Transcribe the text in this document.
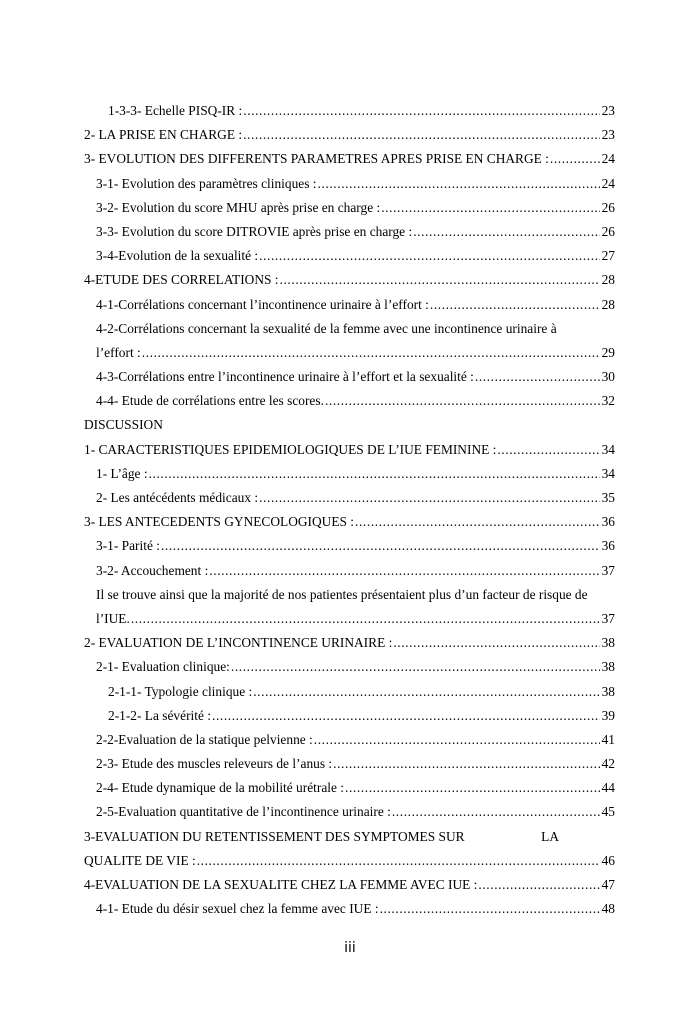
1-3-3- Echelle PISQ-IR : .....	23
2- LA PRISE EN CHARGE : .....	23
3- EVOLUTION DES DIFFERENTS PARAMETRES APRES PRISE EN CHARGE : .....	24
3-1- Evolution des paramètres cliniques : .....	24
3-2- Evolution du score MHU après prise en charge : .....	26
3-3- Evolution du score DITROVIE après prise en charge : .....	26
3-4-Evolution de la sexualité : .....	27
4-ETUDE DES CORRELATIONS : .....	28
4-1-Corrélations concernant l’incontinence urinaire à l’effort : .....	28
4-2-Corrélations concernant la sexualité de la femme avec une incontinence urinaire à
l’effort : .....	29
4-3-Corrélations entre l’incontinence urinaire à l’effort et la sexualité : .....	30
4-4- Etude de corrélations entre les scores. .....	32
DISCUSSION
1- CARACTERISTIQUES EPIDEMIOLOGIQUES DE L’IUE FEMININE : .....	34
1- L’âge : .....	34
2- Les antécédents médicaux : .....	35
3- LES ANTECEDENTS GYNECOLOGIQUES : .....	36
3-1- Parité : .....	36
3-2- Accouchement : .....	37
Il se trouve ainsi que la majorité de nos patientes présentaient plus d’un facteur de risque de
l’IUE. .....	37
2- EVALUATION DE L’INCONTINENCE URINAIRE : .....	38
2-1- Evaluation clinique: .....	38
2-1-1- Typologie clinique : .....	38
2-1-2- La sévérité : .....	39
2-2-Evaluation de la statique pelvienne : .....	41
2-3- Etude des muscles releveurs de l’anus : .....	42
2-4- Etude dynamique de la mobilité urétrale : .....	44
2-5-Evaluation quantitative de l’incontinence urinaire : .....	45
3-EVALUATION DU RETENTISSEMENT DES SYMPTOMES SUR	LA
QUALITE DE VIE : .....	46
4-EVALUATION DE LA SEXUALITE CHEZ LA FEMME AVEC IUE : .....	47
4-1- Etude du désir sexuel chez la femme avec IUE : .....	48
iii
